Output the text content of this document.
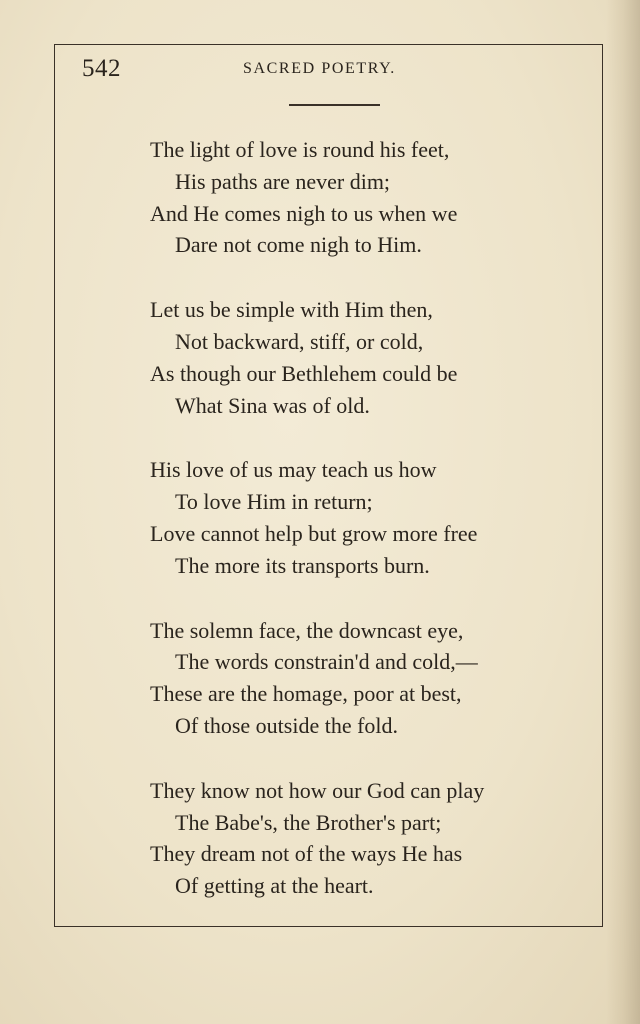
542	SACRED POETRY.
The light of love is round his feet,
His paths are never dim;
And He comes nigh to us when we
Dare not come nigh to Him.
Let us be simple with Him then,
Not backward, stiff, or cold,
As though our Bethlehem could be
What Sina was of old.
His love of us may teach us how
To love Him in return;
Love cannot help but grow more free
The more its transports burn.
The solemn face, the downcast eye,
The words constrain'd and cold,—
These are the homage, poor at best,
Of those outside the fold.
They know not how our God can play
The Babe's, the Brother's part;
They dream not of the ways He has
Of getting at the heart.
